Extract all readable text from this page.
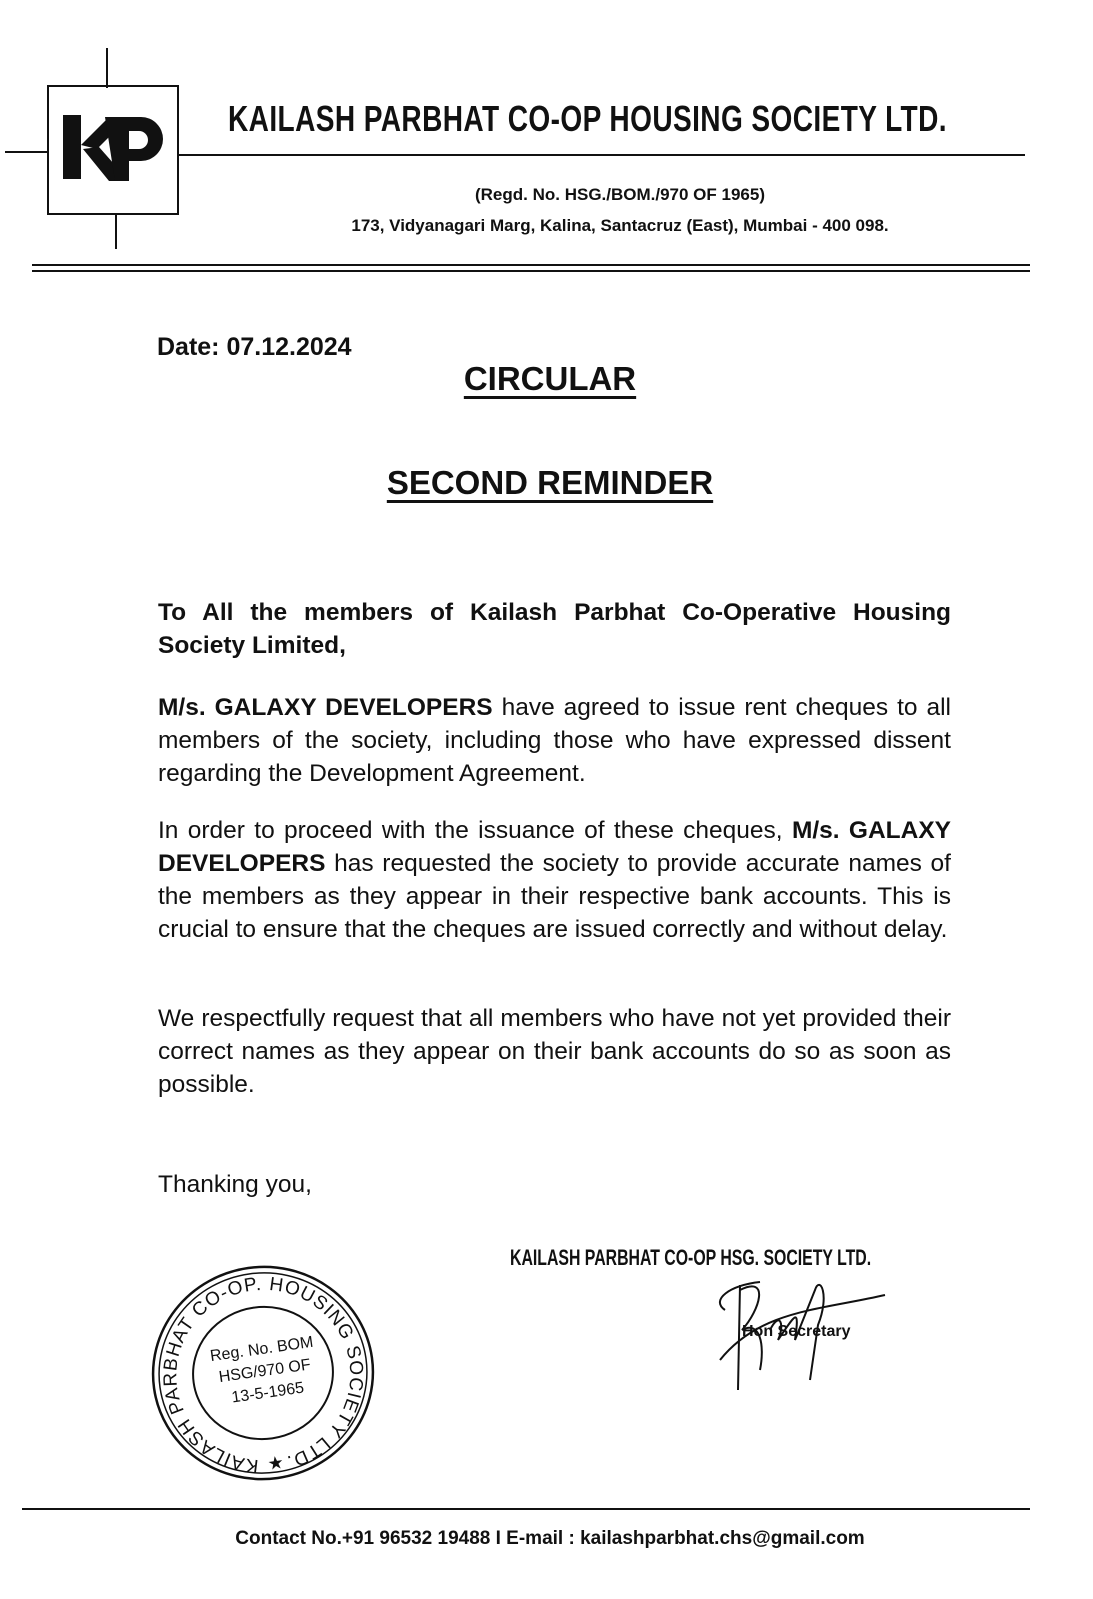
KAILASH PARBHAT CO-OP HOUSING SOCIETY LTD.
(Regd. No. HSG./BOM./970 OF 1965)
173, Vidyanagari Marg, Kalina, Santacruz (East), Mumbai - 400 098.
Date: 07.12.2024
CIRCULAR
SECOND REMINDER
To All the members of Kailash Parbhat Co-Operative Housing Society Limited,
M/s. GALAXY DEVELOPERS have agreed to issue rent cheques to all members of the society, including those who have expressed dissent regarding the Development Agreement.
In order to proceed with the issuance of these cheques, M/s. GALAXY DEVELOPERS has requested the society to provide accurate names of the members as they appear in their respective bank accounts. This is crucial to ensure that the cheques are issued correctly and without delay.
We respectfully request that all members who have not yet provided their correct names as they appear on their bank accounts do so as soon as possible.
Thanking you,
KAILASH PARBHAT CO-OP HSG. SOCIETY LTD.
Hon Secretary
KAILASH PARBHAT CO-OP. HOUSING SOCIETY LTD.
Reg. No. BOM
HSG/970 OF
13-5-1965
★
Contact No.+91 96532 19488 I E-mail : kailashparbhat.chs@gmail.com
